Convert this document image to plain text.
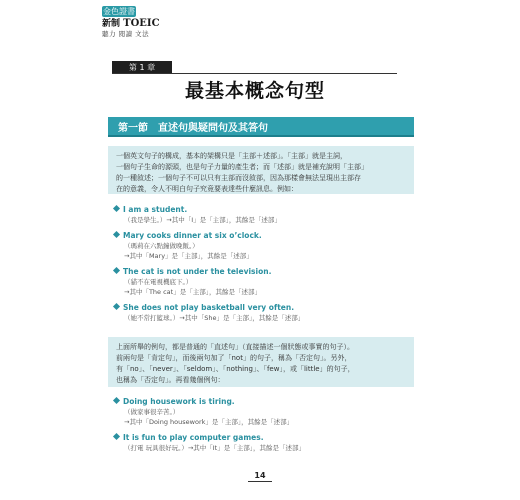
金色證書
新制 TOEIC
聽力 閱讀 文法
第 1 章
最基本概念句型
第一節　直述句與疑問句及其答句

一個英文句子的構成，基本的架構只是「主部＋述部」。「主部」就是主詞，

一個句子生命的源頭，也是句子力量的產生者；而「述部」就是補充說明「主部」

的一種敘述；一個句子不可以只有主部而沒敘部，因為那樣會無法呈現出主部存

在的意義，令人不明白句子究竟要表達些什麼訊息。例如：

I am a student.
（我是學生。）→其中「I」是「主部」，其餘是「述部」
Mary cooks dinner at six o’clock.
（瑪莉在六點鐘做晚飯。）
→其中「Mary」是「主部」，其餘是「述部」
The cat is not under the television.
（貓不在電視機底下。）
→其中「The cat」是「主部」，其餘是「述部」
She does not play basketball very often.
（她不常打籃球。）→其中「She」是「主部」，其餘是「述部」

上面所舉的例句，都是普通的「直述句」（直接描述一個狀態或事實的句子）。

前兩句是「肯定句」，而後兩句加了「not」的句子，稱為「否定句」。另外，

有「no」、「never」、「seldom」、「nothing」、「few」，或「little」的句子，

也稱為「否定句」。再看幾個例句：

Doing housework is tiring.
（做家事很辛苦。）
→其中「Doing housework」是「主部」，其餘是「述部」
It is fun to play computer games.
（打電 玩具很好玩。）→其中「It」是「主部」，其餘是「述部」
14
